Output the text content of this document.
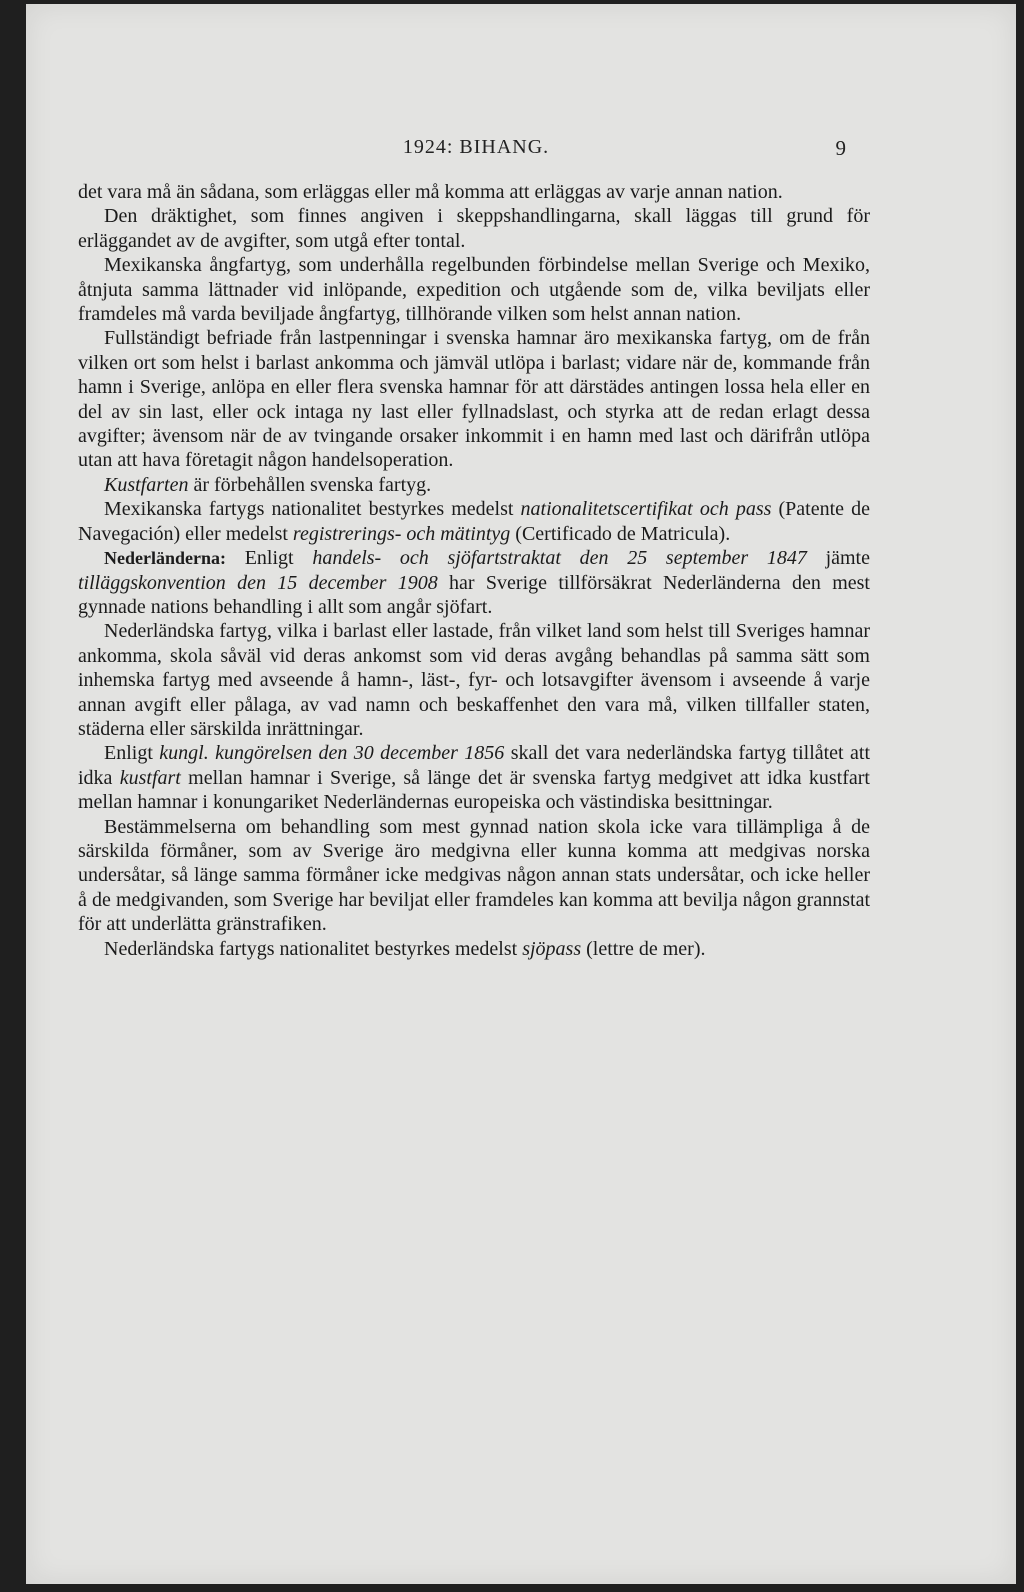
1924: BIHANG.	9

det vara må än sådana, som erläggas eller må komma att erläggas av varje annan nation.

Den dräktighet, som finnes angiven i skeppshandlingarna, skall läggas till grund för erläggandet av de avgifter, som utgå efter tontal.

Mexikanska ångfartyg, som underhålla regelbunden förbindelse mellan Sverige och Mexiko, åtnjuta samma lättnader vid inlöpande, expedition och utgående som de, vilka beviljats eller framdeles må varda beviljade ångfartyg, tillhörande vilken som helst annan nation.

Fullständigt befriade från lastpenningar i svenska hamnar äro mexikanska fartyg, om de från vilken ort som helst i barlast ankomma och jämväl utlöpa i barlast; vidare när de, kommande från hamn i Sverige, anlöpa en eller flera svenska hamnar för att därstädes antingen lossa hela eller en del av sin last, eller ock intaga ny last eller fyllnadslast, och styrka att de redan erlagt dessa avgifter; ävensom när de av tvingande orsaker inkommit i en hamn med last och därifrån utlöpa utan att hava företagit någon handelsoperation.

Kustfarten är förbehållen svenska fartyg.

Mexikanska fartygs nationalitet bestyrkes medelst nationalitetscertifikat och pass (Patente de Navegación) eller medelst registrerings- och mätintyg (Certificado de Matricula).

Nederländerna: Enligt handels- och sjöfartstraktat den 25 september 1847 jämte tilläggskonvention den 15 december 1908 har Sverige tillförsäkrat Nederländerna den mest gynnade nations behandling i allt som angår sjöfart.

Nederländska fartyg, vilka i barlast eller lastade, från vilket land som helst till Sveriges hamnar ankomma, skola såväl vid deras ankomst som vid deras avgång behandlas på samma sätt som inhemska fartyg med avseende å hamn-, läst-, fyr- och lotsavgifter ävensom i avseende å varje annan avgift eller pålaga, av vad namn och beskaffenhet den vara må, vilken tillfaller staten, städerna eller särskilda inrättningar.

Enligt kungl. kungörelsen den 30 december 1856 skall det vara nederländska fartyg tillåtet att idka kustfart mellan hamnar i Sverige, så länge det är svenska fartyg medgivet att idka kustfart mellan hamnar i konungariket Nederländernas europeiska och västindiska besittningar.

Bestämmelserna om behandling som mest gynnad nation skola icke vara tillämpliga å de särskilda förmåner, som av Sverige äro medgivna eller kunna komma att medgivas norska undersåtar, så länge samma förmåner icke medgivas någon annan stats undersåtar, och icke heller å de medgivanden, som Sverige har beviljat eller framdeles kan komma att bevilja någon grannstat för att underlätta gränstrafiken.

Nederländska fartygs nationalitet bestyrkes medelst sjöpass (lettre de mer).
